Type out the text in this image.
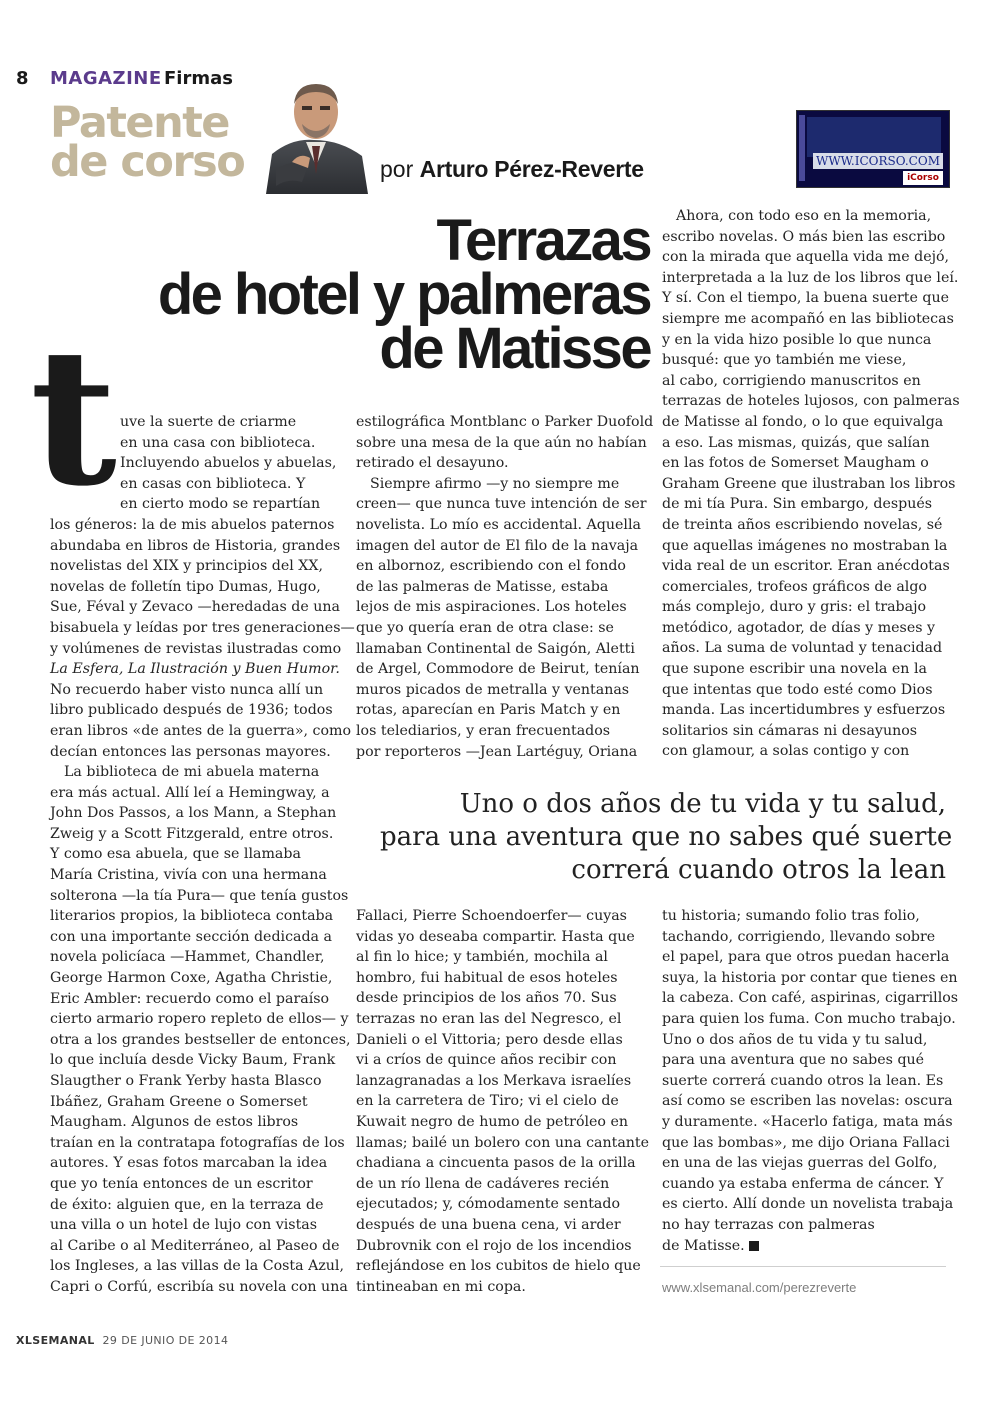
8 MAGAZINE Firmas
Patente
de corso	por Arturo Pérez-Reverte	WWW.ICORSO.COM
iCorso
Terrazas
de hotel y palmeras
de Matisse
t uve la suerte de criarme
en una casa con biblioteca.
Incluyendo abuelos y abuelas,
en casas con biblioteca. Y
en cierto modo se repartían
los géneros: la de mis abuelos paternos
abundaba en libros de Historia, grandes
novelistas del XIX y principios del XX,
novelas de folletín tipo Dumas, Hugo,
Sue, Féval y Zevaco —heredadas de una
bisabuela y leídas por tres generaciones—
y volúmenes de revistas ilustradas como
La Esfera, La Ilustración y Buen Humor.
No recuerdo haber visto nunca allí un
libro publicado después de 1936; todos
eran libros «de antes de la guerra», como
decían entonces las personas mayores.
La biblioteca de mi abuela materna
era más actual. Allí leí a Hemingway, a
John Dos Passos, a los Mann, a Stephan
Zweig y a Scott Fitzgerald, entre otros.
Y como esa abuela, que se llamaba
María Cristina, vivía con una hermana
solterona —la tía Pura— que tenía gustos
literarios propios, la biblioteca contaba
con una importante sección dedicada a
novela policíaca —Hammet, Chandler,
George Harmon Coxe, Agatha Christie,
Eric Ambler: recuerdo como el paraíso
cierto armario ropero repleto de ellos— y
otra a los grandes bestseller de entonces,
lo que incluía desde Vicky Baum, Frank
Slaugther o Frank Yerby hasta Blasco
Ibáñez, Graham Greene o Somerset
Maugham. Algunos de estos libros
traían en la contratapa fotografías de los
autores. Y esas fotos marcaban la idea
que yo tenía entonces de un escritor
de éxito: alguien que, en la terraza de
una villa o un hotel de lujo con vistas
al Caribe o al Mediterráneo, al Paseo de
los Ingleses, a las villas de la Costa Azul,
Capri o Corfú, escribía su novela con una
estilográfica Montblanc o Parker Duofold
sobre una mesa de la que aún no habían
retirado el desayuno.
Siempre afirmo —y no siempre me
creen— que nunca tuve intención de ser
novelista. Lo mío es accidental. Aquella
imagen del autor de El filo de la navaja
en albornoz, escribiendo con el fondo
de las palmeras de Matisse, estaba
lejos de mis aspiraciones. Los hoteles
que yo quería eran de otra clase: se
llamaban Continental de Saigón, Aletti
de Argel, Commodore de Beirut, tenían
muros picados de metralla y ventanas
rotas, aparecían en Paris Match y en
los telediarios, y eran frecuentados
por reporteros —Jean Lartéguy, Oriana
Ahora, con todo eso en la memoria,
escribo novelas. O más bien las escribo
con la mirada que aquella vida me dejó,
interpretada a la luz de los libros que leí.
Y sí. Con el tiempo, la buena suerte que
siempre me acompañó en las bibliotecas
y en la vida hizo posible lo que nunca
busqué: que yo también me viese,
al cabo, corrigiendo manuscritos en
terrazas de hoteles lujosos, con palmeras
de Matisse al fondo, o lo que equivalga
a eso. Las mismas, quizás, que salían
en las fotos de Somerset Maugham o
Graham Greene que ilustraban los libros
de mi tía Pura. Sin embargo, después
de treinta años escribiendo novelas, sé
que aquellas imágenes no mostraban la
vida real de un escritor. Eran anécdotas
comerciales, trofeos gráficos de algo
más complejo, duro y gris: el trabajo
metódico, agotador, de días y meses y
años. La suma de voluntad y tenacidad
que supone escribir una novela en la
que intentas que todo esté como Dios
manda. Las incertidumbres y esfuerzos
solitarios sin cámaras ni desayunos
con glamour, a solas contigo y con
Uno o dos años de tu vida y tu salud,
para una aventura que no sabes qué suerte
correrá cuando otros la lean
Fallaci, Pierre Schoendoerfer— cuyas
vidas yo deseaba compartir. Hasta que
al fin lo hice; y también, mochila al
hombro, fui habitual de esos hoteles
desde principios de los años 70. Sus
terrazas no eran las del Negresco, el
Danieli o el Vittoria; pero desde ellas
vi a críos de quince años recibir con
lanzagranadas a los Merkava israelíes
en la carretera de Tiro; vi el cielo de
Kuwait negro de humo de petróleo en
llamas; bailé un bolero con una cantante
chadiana a cincuenta pasos de la orilla
de un río llena de cadáveres recién
ejecutados; y, cómodamente sentado
después de una buena cena, vi arder
Dubrovnik con el rojo de los incendios
reflejándose en los cubitos de hielo que
tintineaban en mi copa.
tu historia; sumando folio tras folio,
tachando, corrigiendo, llevando sobre
el papel, para que otros puedan hacerla
suya, la historia por contar que tienes en
la cabeza. Con café, aspirinas, cigarrillos
para quien los fuma. Con mucho trabajo.
Uno o dos años de tu vida y tu salud,
para una aventura que no sabes qué
suerte correrá cuando otros la lean. Es
así como se escriben las novelas: oscura
y duramente. «Hacerlo fatiga, mata más
que las bombas», me dijo Oriana Fallaci
en una de las viejas guerras del Golfo,
cuando ya estaba enferma de cáncer. Y
es cierto. Allí donde un novelista trabaja
no hay terrazas con palmeras
de Matisse.
www.xlsemanal.com/perezreverte
XLSEMANAL 29 DE JUNIO DE 2014
